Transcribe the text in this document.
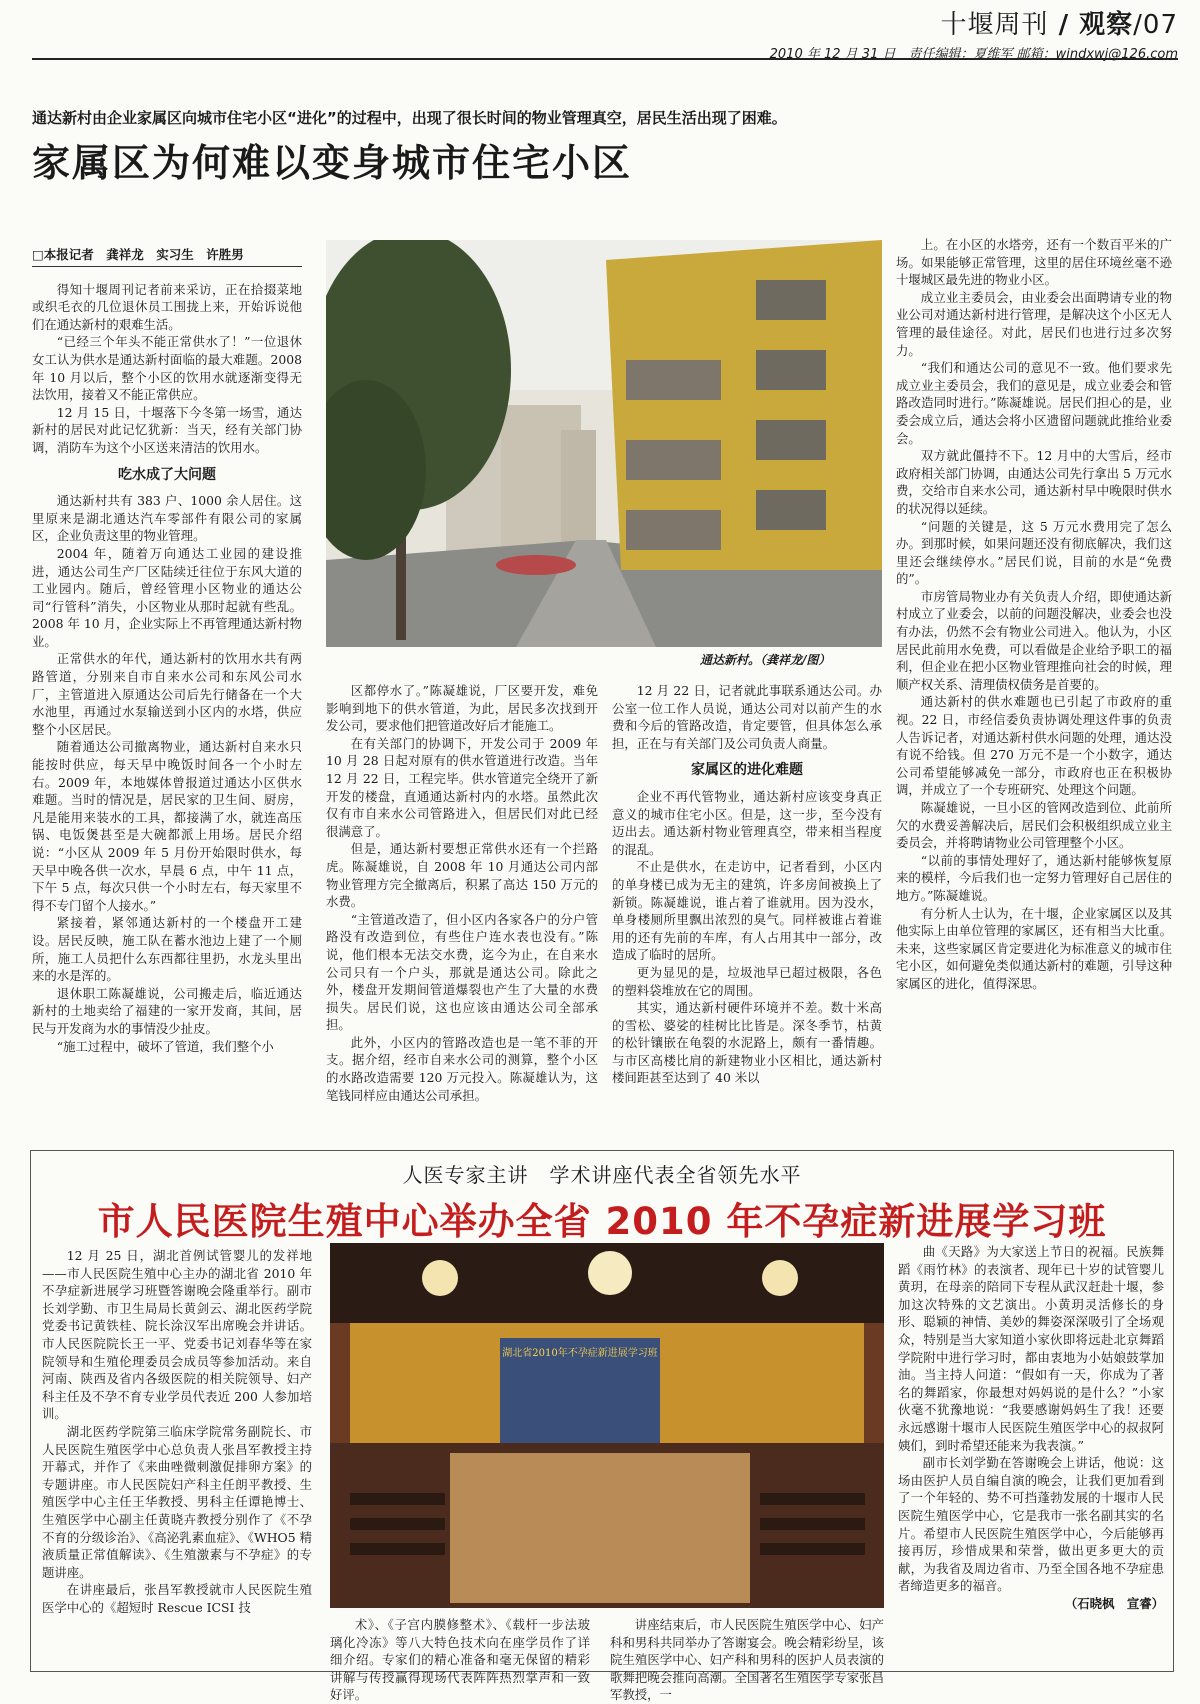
十堰周刊 / 观察/07
2010 年 12 月 31 日　责任编辑：夏维军 邮箱：windxwj@126.com
通达新村由企业家属区向城市住宅小区“进化”的过程中，出现了很长时间的物业管理真空，居民生活出现了困难。
家属区为何难以变身城市住宅小区
□本报记者　龚祥龙　实习生　许胜男

得知十堰周刊记者前来采访，正在拾掇菜地或织毛衣的几位退休员工围拢上来，开始诉说他们在通达新村的艰难生活。

“已经三个年头不能正常供水了！”一位退休女工认为供水是通达新村面临的最大难题。2008 年 10 月以后，整个小区的饮用水就逐渐变得无法饮用，接着又不能正常供应。

12 月 15 日，十堰落下今冬第一场雪，通达新村的居民对此记忆犹新：当天，经有关部门协调，消防车为这个小区送来清洁的饮用水。

吃水成了大问题

通达新村共有 383 户、1000 余人居住。这里原来是湖北通达汽车零部件有限公司的家属区，企业负责这里的物业管理。

2004 年，随着万向通达工业园的建设推进，通达公司生产厂区陆续迁往位于东风大道的工业园内。随后，曾经管理小区物业的通达公司“行管科”消失，小区物业从那时起就有些乱。2008 年 10 月，企业实际上不再管理通达新村物业。

正常供水的年代，通达新村的饮用水共有两路管道，分别来自市自来水公司和东风公司水厂，主管道进入原通达公司后先行储备在一个大水池里，再通过水泵输送到小区内的水塔，供应整个小区居民。

随着通达公司撤离物业，通达新村自来水只能按时供应，每天早中晚饭时间各一个小时左右。2009 年，本地媒体曾报道过通达小区供水难题。当时的情况是，居民家的卫生间、厨房，凡是能用来装水的工具，都接满了水，就连高压锅、电饭煲甚至是大碗都派上用场。居民介绍说：“小区从 2009 年 5 月份开始限时供水，每天早中晚各供一次水，早晨 6 点，中午 11 点，下午 5 点，每次只供一个小时左右，每天家里不得不专门留个人接水。”

紧接着，紧邻通达新村的一个楼盘开工建设。居民反映，施工队在蓄水池边上建了一个厕所，施工人员把什么东西都往里扔，水龙头里出来的水是浑的。

退休职工陈凝雄说，公司搬走后，临近通达新村的土地卖给了福建的一家开发商，其间，居民与开发商为水的事情没少扯皮。

“施工过程中，破坏了管道，我们整个小

通达新村。（龚祥龙/图）

区都停水了。”陈凝雄说，厂区要开发，难免影响到地下的供水管道，为此，居民多次找到开发公司，要求他们把管道改好后才能施工。

在有关部门的协调下，开发公司于 2009 年 10 月 28 日起对原有的供水管道进行改造。当年 12 月 22 日，工程完毕。供水管道完全绕开了新开发的楼盘，直通通达新村内的水塔。虽然此次仅有市自来水公司管路进入，但居民们对此已经很满意了。

但是，通达新村要想正常供水还有一个拦路虎。陈凝雄说，自 2008 年 10 月通达公司内部物业管理方完全撤离后，积累了高达 150 万元的水费。

“主管道改造了，但小区内各家各户的分户管路没有改造到位，有些住户连水表也没有。”陈说，他们根本无法交水费，迄今为止，在自来水公司只有一个户头，那就是通达公司。除此之外，楼盘开发期间管道爆裂也产生了大量的水费损失。居民们说，这也应该由通达公司全部承担。

此外，小区内的管路改造也是一笔不菲的开支。据介绍，经市自来水公司的测算，整个小区的水路改造需要 120 万元投入。陈凝雄认为，这笔钱同样应由通达公司承担。

12 月 22 日，记者就此事联系通达公司。办公室一位工作人员说，通达公司对以前产生的水费和今后的管路改造，肯定要管，但具体怎么承担，正在与有关部门及公司负责人商量。

家属区的进化难题

企业不再代管物业，通达新村应该变身真正意义的城市住宅小区。但是，这一步，至今没有迈出去。通达新村物业管理真空，带来相当程度的混乱。

不止是供水，在走访中，记者看到，小区内的单身楼已成为无主的建筑，许多房间被换上了新锁。陈凝雄说，谁占着了谁就用。因为没水，单身楼厕所里飘出浓烈的臭气。同样被谁占着谁用的还有先前的车库，有人占用其中一部分，改造成了临时的居所。

更为显见的是，垃圾池早已超过极限，各色的塑料袋堆放在它的周围。

其实，通达新村硬件环境并不差。数十米高的雪松、婆娑的桂树比比皆是。深冬季节，枯黄的松针镶嵌在龟裂的水泥路上，颇有一番情趣。与市区高楼比肩的新建物业小区相比，通达新村楼间距甚至达到了 40 米以

上。在小区的水塔旁，还有一个数百平米的广场。如果能够正常管理，这里的居住环境丝毫不逊十堰城区最先进的物业小区。

成立业主委员会，由业委会出面聘请专业的物业公司对通达新村进行管理，是解决这个小区无人管理的最佳途径。对此，居民们也进行过多次努力。

“我们和通达公司的意见不一致。他们要求先成立业主委员会，我们的意见是，成立业委会和管路改造同时进行。”陈凝雄说。居民们担心的是，业委会成立后，通达会将小区遗留问题就此推给业委会。

双方就此僵持不下。12 月中的大雪后，经市政府相关部门协调，由通达公司先行拿出 5 万元水费，交给市自来水公司，通达新村早中晚限时供水的状况得以延续。

“问题的关键是，这 5 万元水费用完了怎么办。到那时候，如果问题还没有彻底解决，我们这里还会继续停水。”居民们说，目前的水是“免费的”。

市房管局物业办有关负责人介绍，即使通达新村成立了业委会，以前的问题没解决，业委会也没有办法，仍然不会有物业公司进入。他认为，小区居民此前用水免费，可以看做是企业给予职工的福利，但企业在把小区物业管理推向社会的时候，理顺产权关系、清理债权债务是首要的。

通达新村的供水难题也已引起了市政府的重视。22 日，市经信委负责协调处理这件事的负责人告诉记者，对通达新村供水问题的处理，通达没有说不给钱。但 270 万元不是一个小数字，通达公司希望能够减免一部分，市政府也正在积极协调，并成立了一个专班研究、处理这个问题。

陈凝雄说，一旦小区的管网改造到位、此前所欠的水费妥善解决后，居民们会积极组织成立业主委员会，并将聘请物业公司管理整个小区。

“以前的事情处理好了，通达新村能够恢复原来的模样，今后我们也一定努力管理好自己居住的地方。”陈凝雄说。

有分析人士认为，在十堰，企业家属区以及其他实际上由单位管理的家属区，还有相当大比重。未来，这些家属区肯定要进化为标准意义的城市住宅小区，如何避免类似通达新村的难题，引导这种家属区的进化，值得深思。

人医专家主讲　学术讲座代表全省领先水平
市人民医院生殖中心举办全省 2010 年不孕症新进展学习班

12 月 25 日，湖北首例试管婴儿的发祥地——市人民医院生殖中心主办的湖北省 2010 年不孕症新进展学习班暨答谢晚会隆重举行。副市长刘学勤、市卫生局局长黄剑云、湖北医药学院党委书记黄铁桂、院长涂汉军出席晚会并讲话。市人民医院院长王一平、党委书记刘春华等在家院领导和生殖伦理委员会成员等参加活动。来自河南、陕西及省内各级医院的相关院领导、妇产科主任及不孕不育专业学员代表近 200 人参加培训。

湖北医药学院第三临床学院常务副院长、市人民医院生殖医学中心总负责人张昌军教授主持开幕式，并作了《来曲唑微刺激促排卵方案》的专题讲座。市人民医院妇产科主任朗平教授、生殖医学中心主任王华教授、男科主任谭艳博士、生殖医学中心副主任黄晓卉教授分别作了《不孕不育的分级诊治》、《高泌乳素血症》、《WHO5 精液质量正常值解读》、《生殖激素与不孕症》的专题讲座。

在讲座最后，张昌军教授就市人民医院生殖医学中心的《超短时 Rescue ICSI 技

湖北省2010年不孕症新进展学习班

术》、《子宫内膜修整术》、《载杆一步法玻璃化冷冻》等八大特色技术向在座学员作了详细介绍。专家们的精心准备和毫无保留的精彩讲解与传授赢得现场代表阵阵热烈掌声和一致好评。

讲座结束后，市人民医院生殖医学中心、妇产科和男科共同举办了答谢宴会。晚会精彩纷呈，该院生殖医学中心、妇产科和男科的医护人员表演的歌舞把晚会推向高潮。全国著名生殖医学专家张昌军教授，一

曲《天路》为大家送上节日的祝福。民族舞蹈《雨竹林》的表演者、现年已十岁的试管婴儿黄玥，在母亲的陪同下专程从武汉赶赴十堰，参加这次特殊的文艺演出。小黄玥灵活修长的身形、聪颖的神情、美妙的舞姿深深吸引了全场观众，特别是当大家知道小家伙即将远赴北京舞蹈学院附中进行学习时，都由衷地为小姑娘鼓掌加油。当主持人问道：“假如有一天，你成为了著名的舞蹈家，你最想对妈妈说的是什么？”小家伙毫不犹豫地说：“我要感谢妈妈生了我！还要永远感谢十堰市人民医院生殖医学中心的叔叔阿姨们，到时希望还能来为我表演。”

副市长刘学勤在答谢晚会上讲话，他说：这场由医护人员自编自演的晚会，让我们更加看到了一个年轻的、势不可挡蓬勃发展的十堰市人民医院生殖医学中心，它是我市一张名副其实的名片。希望市人民医院生殖医学中心，今后能够再接再厉，珍惜成果和荣誉，做出更多更大的贡献，为我省及周边省市、乃至全国各地不孕症患者缔造更多的福音。

（石晓枫　宣睿）
